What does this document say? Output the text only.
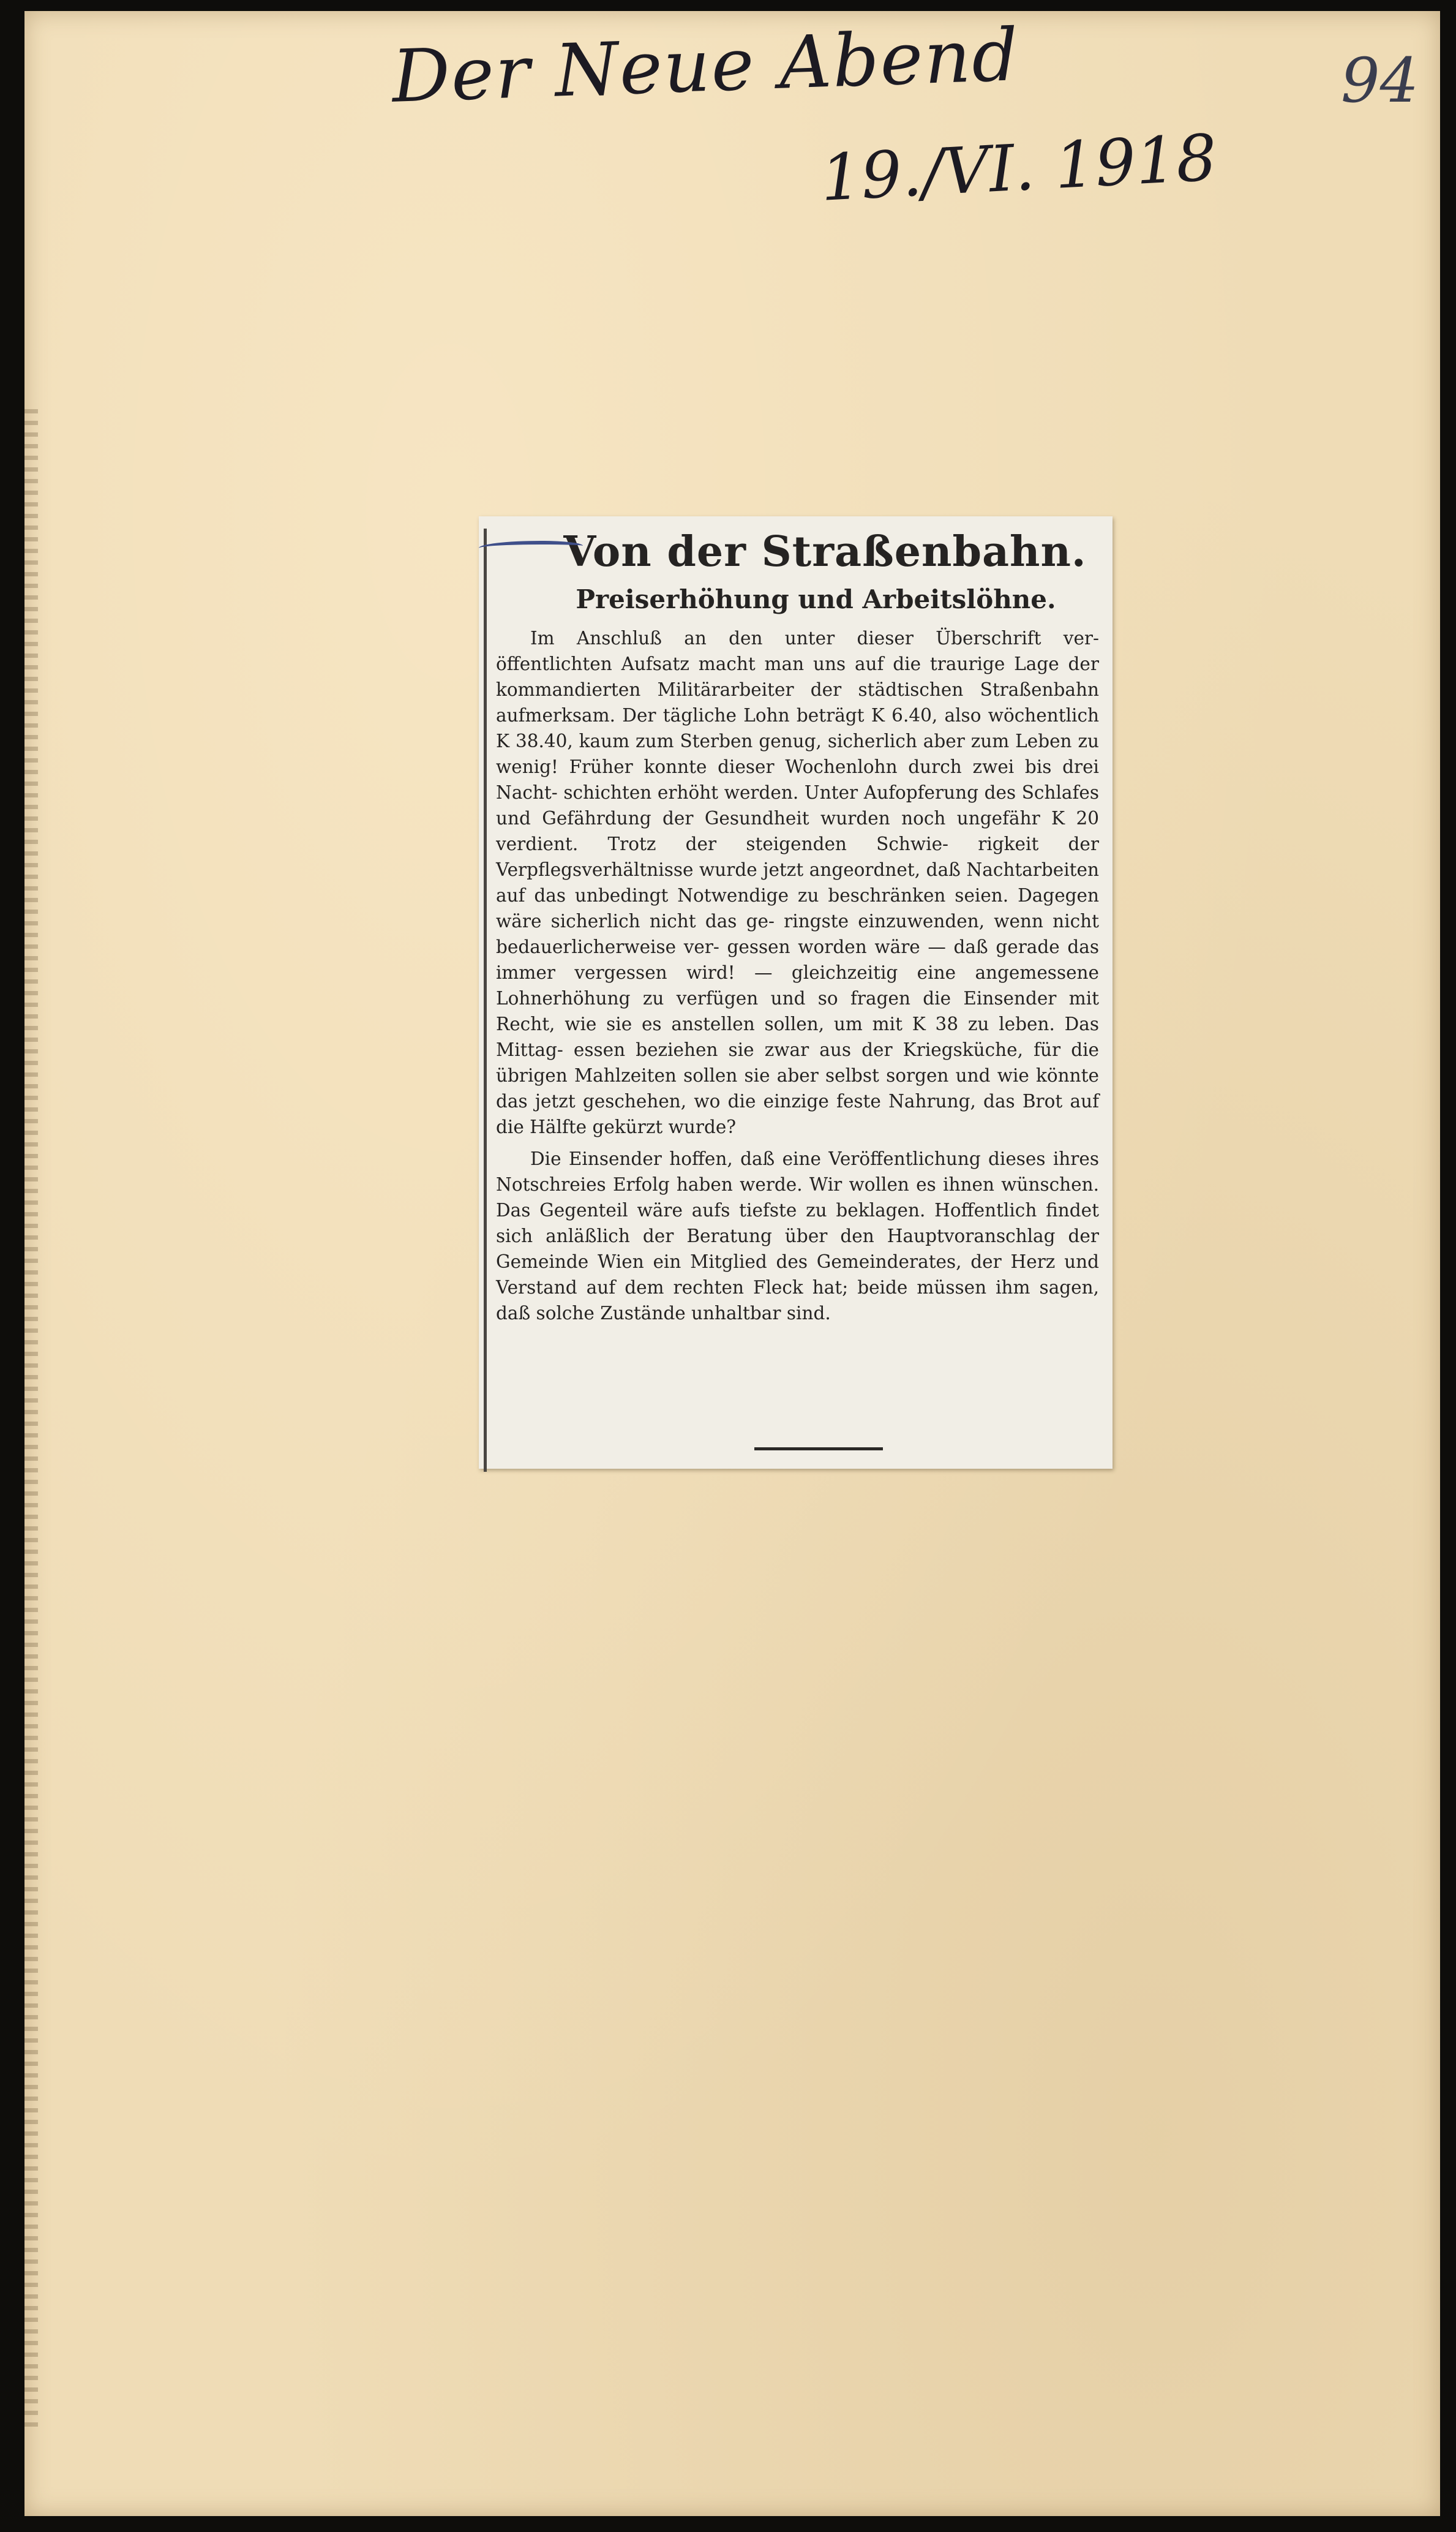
Der Neue Abend
19./VI. 1918
94
Von der Straßenbahn.
Preiserhöhung und Arbeitslöhne.

Im Anschluß an den unter dieser Überschrift ver- öffentlichten Aufsatz macht man uns auf die traurige Lage der kommandierten Militärarbeiter der städtischen Straßenbahn aufmerksam. Der tägliche Lohn beträgt K 6.40, also wöchentlich K 38.40, kaum zum Sterben genug, sicherlich aber zum Leben zu wenig! Früher konnte dieser Wochenlohn durch zwei bis drei Nacht- schichten erhöht werden. Unter Aufopferung des Schlafes und Gefährdung der Gesundheit wurden noch ungefähr K 20 verdient. Trotz der steigenden Schwie- rigkeit der Verpflegsverhältnisse wurde jetzt angeordnet, daß Nachtarbeiten auf das unbedingt Notwendige zu beschränken seien. Dagegen wäre sicherlich nicht das ge- ringste einzuwenden, wenn nicht bedauerlicherweise ver- gessen worden wäre — daß gerade das immer vergessen wird! — gleichzeitig eine angemessene Lohnerhöhung zu verfügen und so fragen die Einsender mit Recht, wie sie es anstellen sollen, um mit K 38 zu leben. Das Mittag- essen beziehen sie zwar aus der Kriegsküche, für die übrigen Mahlzeiten sollen sie aber selbst sorgen und wie könnte das jetzt geschehen, wo die einzige feste Nahrung, das Brot auf die Hälfte gekürzt wurde?

Die Einsender hoffen, daß eine Veröffentlichung dieses ihres Notschreies Erfolg haben werde. Wir wollen es ihnen wünschen. Das Gegenteil wäre aufs tiefste zu beklagen. Hoffentlich findet sich anläßlich der Beratung über den Hauptvoranschlag der Gemeinde Wien ein Mitglied des Gemeinderates, der Herz und Verstand auf dem rechten Fleck hat; beide müssen ihm sagen, daß solche Zustände unhaltbar sind.
